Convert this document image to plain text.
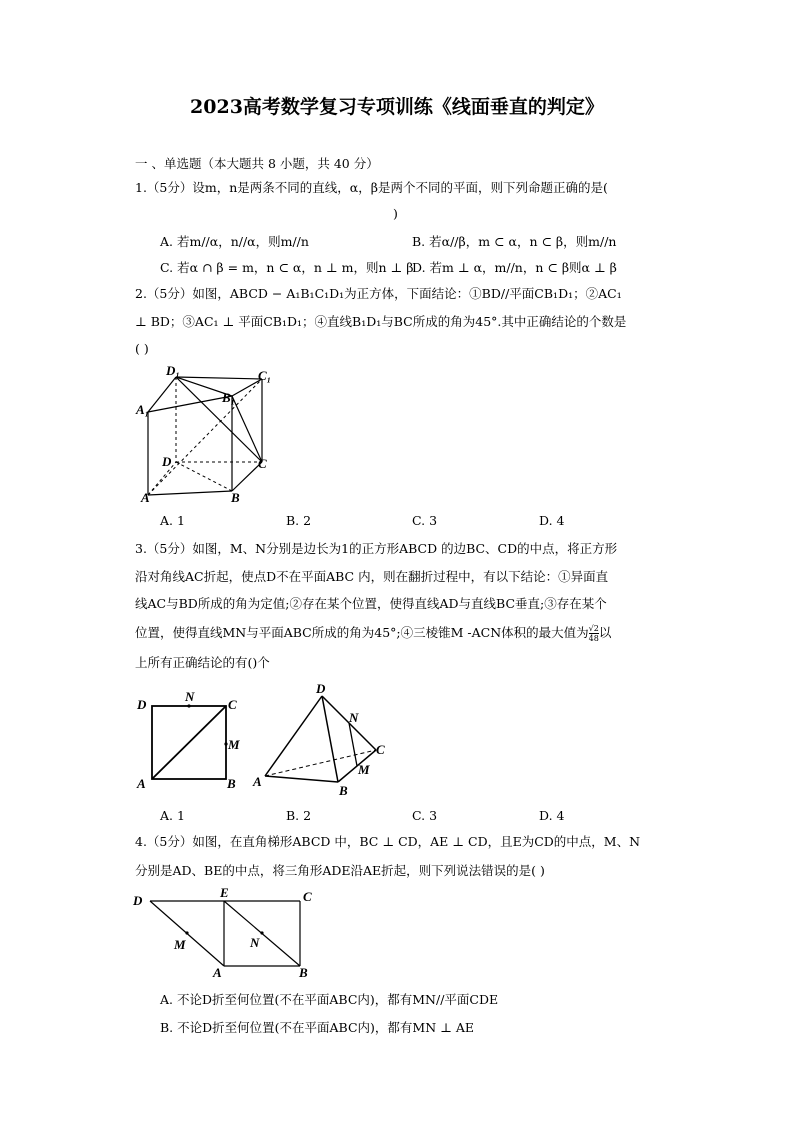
2023高考数学复习专项训练《线面垂直的判定》
一 、单选题（本大题共 8 小题，共 40 分）
1.（5分）设m，n是两条不同的直线，α，β是两个不同的平面，则下列命题正确的是(
)
A. 若m//α，n//α，则m//n	B. 若α//β，m ⊂ α，n ⊂ β，则m//n
C. 若α ∩ β = m，n ⊂ α，n ⊥ m，则n ⊥ β
D. 若m ⊥ α，m//n，n ⊂ β则α ⊥ β
2.（5分）如图，ABCD − A₁B₁C₁D₁为正方体，下面结论：①BD//平面CB₁D₁；②AC₁
⊥ BD；③AC₁ ⊥ 平面CB₁D₁；④直线B₁D₁与BC所成的角为45°.其中正确结论的个数是
( )
D₁	C₁
A₁
B₁
D	C
A	B
A. 1	B. 2	C. 3	D. 4
3.（5分）如图，M、N分别是边长为1的正方形ABCD 的边BC、CD的中点，将正方形
沿对角线AC折起，使点D不在平面ABC 内，则在翻折过程中，有以下结论：①异面直
线AC与BD所成的角为定值;②存在某个位置，使得直线AD与直线BC垂直;③存在某个
位置，使得直线MN与平面ABC所成的角为45°;④三棱锥M -ACN体积的最大值为 $\frac{√2}{48}$ 以
上所有正确结论的有()个
D
N
C
M
A	B
D
N
C
M
A
B
A. 1	B. 2	C. 3	D. 4
4.（5分）如图，在直角梯形ABCD 中，BC ⊥ CD，AE ⊥ CD，且E为CD的中点，M、N
分别是AD、BE的中点，将三角形ADE沿AE折起，则下列说法错误的是( )
D
E	C
M	N
A	B
A. 不论D折至何位置(不在平面ABC内)，都有MN//平面CDE
B. 不论D折至何位置(不在平面ABC内)，都有MN ⊥ AE
